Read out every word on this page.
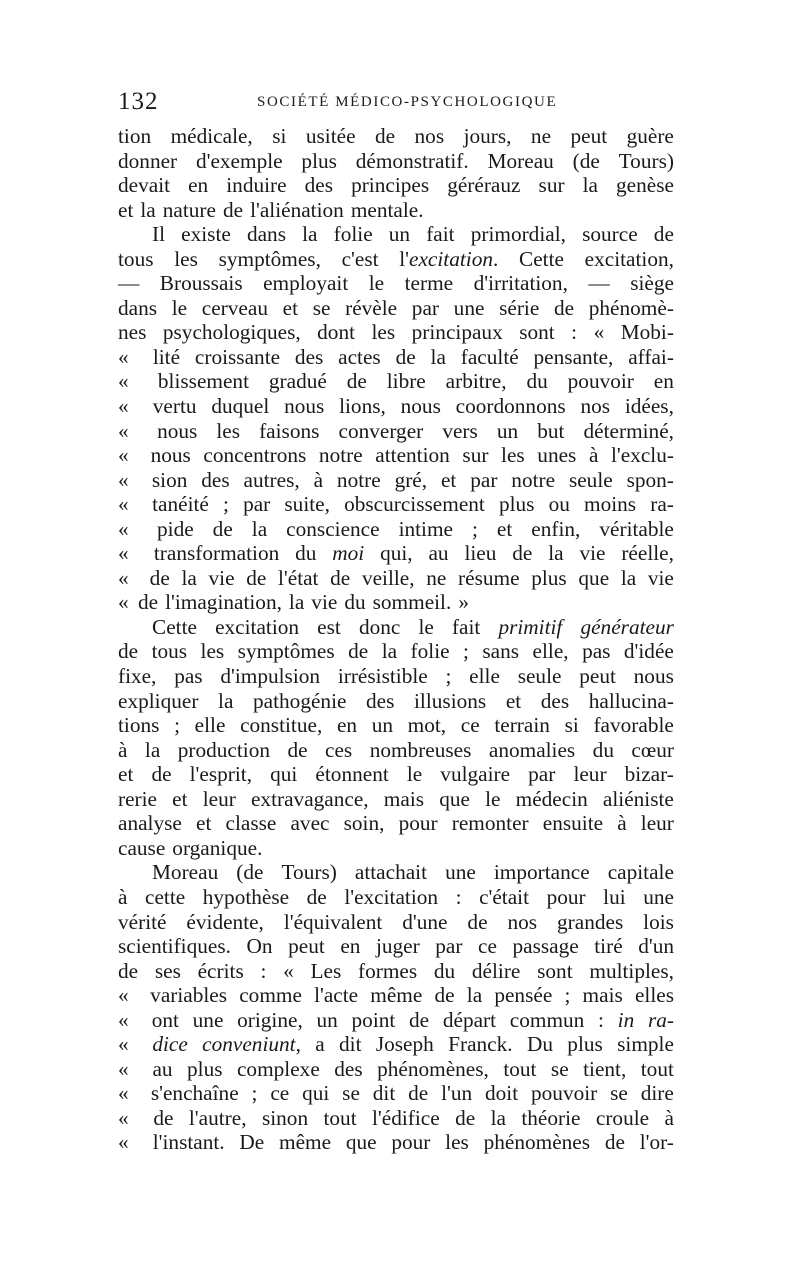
132	SOCIÉTÉ MÉDICO-PSYCHOLOGIQUE
tion médicale, si usitée de nos jours, ne peut guère
donner d'exemple plus démonstratif. Moreau (de Tours)
devait en induire des principes gérérauz sur la genèse
et la nature de l'aliénation mentale.
Il existe dans la folie un fait primordial, source de
tous les symptômes, c'est l'excitation. Cette excitation,
— Broussais employait le terme d'irritation, — siège
dans le cerveau et se révèle par une série de phénomè-
nes psychologiques, dont les principaux sont : « Mobi-
«	lité croissante des actes de la faculté pensante, affai-
«	blissement gradué de libre arbitre, du pouvoir en
«	vertu duquel nous lions, nous coordonnons nos idées,
«	nous les faisons converger vers un but déterminé,
«	nous concentrons notre attention sur les unes à l'exclu-
«	sion des autres, à notre gré, et par notre seule spon-
«	tanéité ; par suite, obscurcissement plus ou moins ra-
«	pide de la conscience intime ; et enfin, véritable
«	transformation du moi qui, au lieu de la vie réelle,
« de la vie de l'état de veille, ne résume plus que la vie
« de l'imagination, la vie du sommeil. »
Cette excitation est donc le fait primitif générateur
de tous les symptômes de la folie ; sans elle, pas d'idée
fixe, pas d'impulsion irrésistible ; elle seule peut nous
expliquer la pathogénie des illusions et des hallucina-
tions ; elle constitue, en un mot, ce terrain si favorable
à la production de ces nombreuses anomalies du cœur
et de l'esprit, qui étonnent le vulgaire par leur bizar-
rerie et leur extravagance, mais que le médecin aliéniste
analyse et classe avec soin, pour remonter ensuite à leur
cause organique.
Moreau (de Tours) attachait une importance capitale
à cette hypothèse de l'excitation : c'était pour lui une
vérité évidente, l'équivalent d'une de nos grandes lois
scientifiques. On peut en juger par ce passage tiré d'un
de ses écrits : « Les formes du délire sont multiples,
«	variables comme l'acte même de la pensée ; mais elles
«	ont une origine, un point de départ commun : in ra-
«	dice conveniunt, a dit Joseph Franck. Du plus simple
«	au plus complexe des phénomènes, tout se tient, tout
«	s'enchaîne ; ce qui se dit de l'un doit pouvoir se dire
«	de l'autre, sinon tout l'édifice de la théorie croule à
«	l'instant. De même que pour les phénomènes de l'or-
